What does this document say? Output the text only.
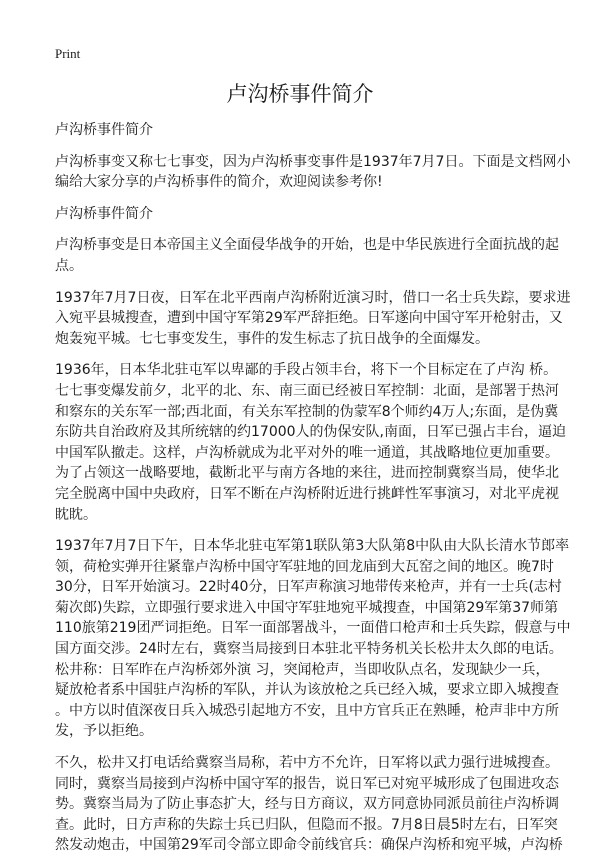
Print
卢沟桥事件简介

卢沟桥事件简介

卢沟桥事变又称七七事变，因为卢沟桥事变事件是1937年7月7日。下面是文档网小
编给大家分享的卢沟桥事件的简介，欢迎阅读参考你!

卢沟桥事件简介

卢沟桥事变是日本帝国主义全面侵华战争的开始，也是中华民族进行全面抗战的起
点。

1937年7月7日夜，日军在北平西南卢沟桥附近演习时，借口一名士兵失踪，要求进
入宛平县城搜查，遭到中国守军第29军严辞拒绝。日军遂向中国守军开枪射击，又
炮轰宛平城。七七事变发生，事件的发生标志了抗日战争的全面爆发。

1936年，日本华北驻屯军以卑鄙的手段占领丰台，将下一个目标定在了卢沟 桥。
七七事变爆发前夕，北平的北、东、南三面已经被日军控制：北面，是部署于热河
和察东的关东军一部;西北面，有关东军控制的伪蒙军8个师约4万人;东面，是伪冀
东防共自治政府及其所统辖的约17000人的伪保安队,南面，日军已强占丰台，逼迫
中国军队撤走。这样，卢沟桥就成为北平对外的唯一通道，其战略地位更加重要。
为了占领这一战略要地，截断北平与南方各地的来往，进而控制冀察当局，使华北
完全脱离中国中央政府，日军不断在卢沟桥附近进行挑衅性军事演习，对北平虎视
眈眈。

1937年7月7日下午，日本华北驻屯军第1联队第3大队第8中队由大队长清水节郎率
领，荷枪实弹开往紧靠卢沟桥中国守军驻地的回龙庙到大瓦窑之间的地区。晚7时
30分，日军开始演习。22时40分，日军声称演习地带传来枪声，并有一士兵(志村
菊次郎)失踪，立即强行要求进入中国守军驻地宛平城搜查，中国第29军第37师第
110旅第219团严词拒绝。日军一面部署战斗，一面借口枪声和士兵失踪，假意与中
国方面交涉。24时左右，冀察当局接到日本驻北平特务机关长松井太久郎的电话。
松井称：日军昨在卢沟桥郊外演 习，突闻枪声，当即收队点名，发现缺少一兵，
疑放枪者系中国驻卢沟桥的军队，并认为该放枪之兵已经入城，要求立即入城搜查
。中方以时值深夜日兵入城恐引起地方不安，且中方官兵正在熟睡，枪声非中方所
发，予以拒绝。

不久，松井又打电话给冀察当局称，若中方不允许，日军将以武力强行进城搜查。
同时，冀察当局接到卢沟桥中国守军的报告，说日军已对宛平城形成了包围进攻态
势。冀察当局为了防止事态扩大，经与日方商议，双方同意协同派员前往卢沟桥调
查。此时，日方声称的失踪士兵已归队，但隐而不报。7月8日晨5时左右，日军突
然发动炮击，中国第29军司令部立即命令前线官兵：确保卢沟桥和宛平城，卢沟桥
